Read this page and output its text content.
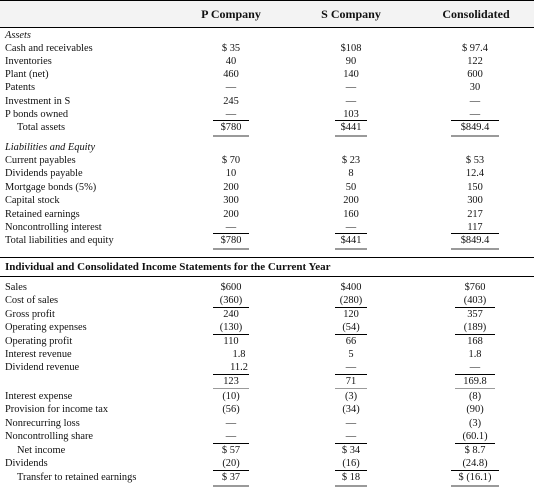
P Company	S Company	Consolidated
Assets
Cash and receivables	$ 35	$108	$ 97.4
Inventories	40	90	122
Plant (net)	460	140	600
Patents	—	—	30
Investment in S	245	—	—
P bonds owned	—	103	—
Total assets	$780	$441	$849.4
Liabilities and Equity
Current payables	$ 70	$ 23	$ 53
Dividends payable	10	8	12.4
Mortgage bonds (5%)	200	50	150
Capital stock	300	200	300
Retained earnings	200	160	217
Noncontrolling interest	—	—	117
Total liabilities and equity	$780	$441	$849.4
Individual and Consolidated Income Statements for the Current Year
Sales	$600	$400	$760
Cost of sales	(360)	(280)	(403)
Gross profit	240	120	357
Operating expenses	(130)	(54)	(189)
Operating profit	110	66	168
Interest revenue	1.8	5	1.8
Dividend revenue	11.2	—	—
123	71	169.8
Interest expense	(10)	(3)	(8)
Provision for income tax	(56)	(34)	(90)
Nonrecurring loss	—	—	(3)
Noncontrolling share	—	—	(60.1)
Net income	$ 57	$ 34	$ 8.7
Dividends	(20)	(16)	(24.8)
Transfer to retained earnings	$ 37	$ 18	$ (16.1)
